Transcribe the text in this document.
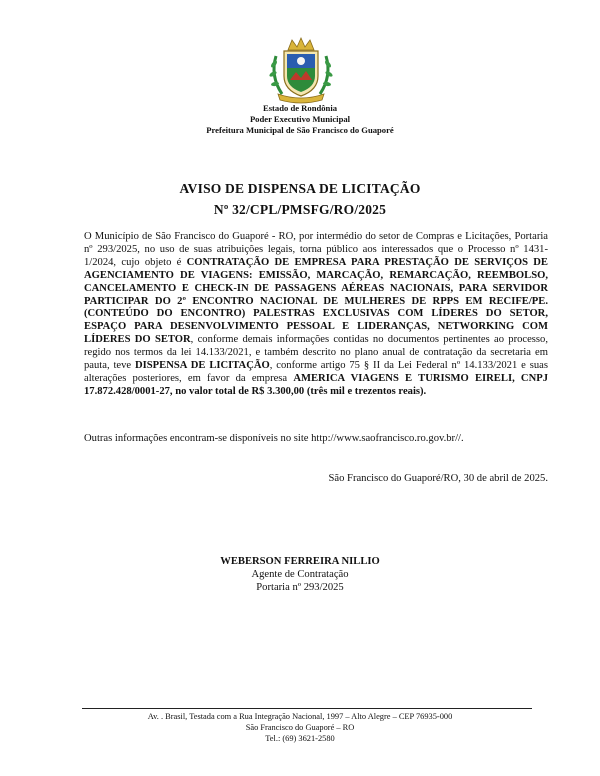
Estado de Rondônia
Poder Executivo Municipal
Prefeitura Municipal de São Francisco do Guaporé
AVISO DE DISPENSA DE LICITAÇÃO
Nº 32/CPL/PMSFG/RO/2025
O Município de São Francisco do Guaporé - RO, por intermédio do setor de Compras e Licitações, Portaria nº 293/2025, no uso de suas atribuições legais, torna público aos interessados que o Processo nº 1431-1/2024, cujo objeto é CONTRATAÇÃO DE EMPRESA PARA PRESTAÇÃO DE SERVIÇOS DE AGENCIAMENTO DE VIAGENS: EMISSÃO, MARCAÇÃO, REMARCAÇÃO, REEMBOLSO, CANCELAMENTO E CHECK-IN DE PASSAGENS AÉREAS NACIONAIS, PARA SERVIDOR PARTICIPAR DO 2º ENCONTRO NACIONAL DE MULHERES DE RPPS EM RECIFE/PE. (CONTEÚDO DO ENCONTRO) PALESTRAS EXCLUSIVAS COM LÍDERES DO SETOR, ESPAÇO PARA DESENVOLVIMENTO PESSOAL E LIDERANÇAS, NETWORKING COM LÍDERES DO SETOR, conforme demais informações contidas no documentos pertinentes ao processo, regido nos termos da lei 14.133/2021, e também descrito no plano anual de contratação da secretaria em pauta, teve DISPENSA DE LICITAÇÃO, conforme artigo 75 § II da Lei Federal nº 14.133/2021 e suas alterações posteriores, em favor da empresa AMERICA VIAGENS E TURISMO EIRELI, CNPJ 17.872.428/0001-27, no valor total de R$ 3.300,00 (três mil e trezentos reais).
Outras informações encontram-se disponíveis no site http://www.saofrancisco.ro.gov.br//.
São Francisco do Guaporé/RO, 30 de abril de 2025.
WEBERSON FERREIRA NILLIO
Agente de Contratação
Portaria nº 293/2025
Av. . Brasil, Testada com a Rua Integração Nacional, 1997 – Alto Alegre – CEP 76935-000
São Francisco do Guaporé – RO
Tel.: (69) 3621-2580
